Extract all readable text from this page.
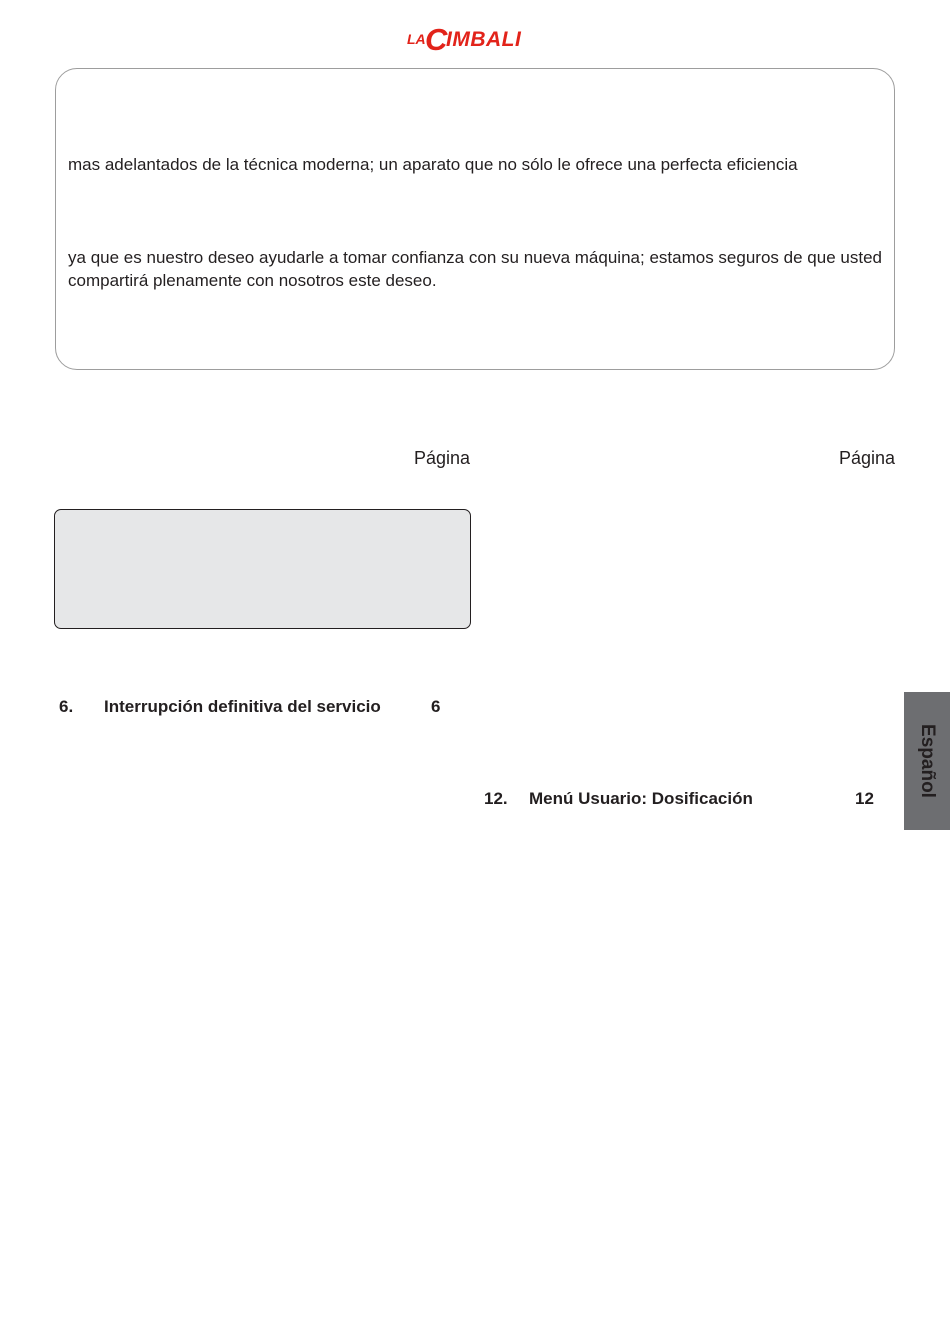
LA C
IMBALI
mas adelantados de la técnica moderna; un aparato que no sólo le ofrece una perfecta eficiencia
ya que es nuestro deseo ayudarle a tomar confianza con su nueva máquina; estamos seguros de que usted compartirá plenamente con nosotros este deseo.
Página	Página
6. Interrupción definitiva del servicio	6
12. Menú Usuario: Dosificación	12
Español
